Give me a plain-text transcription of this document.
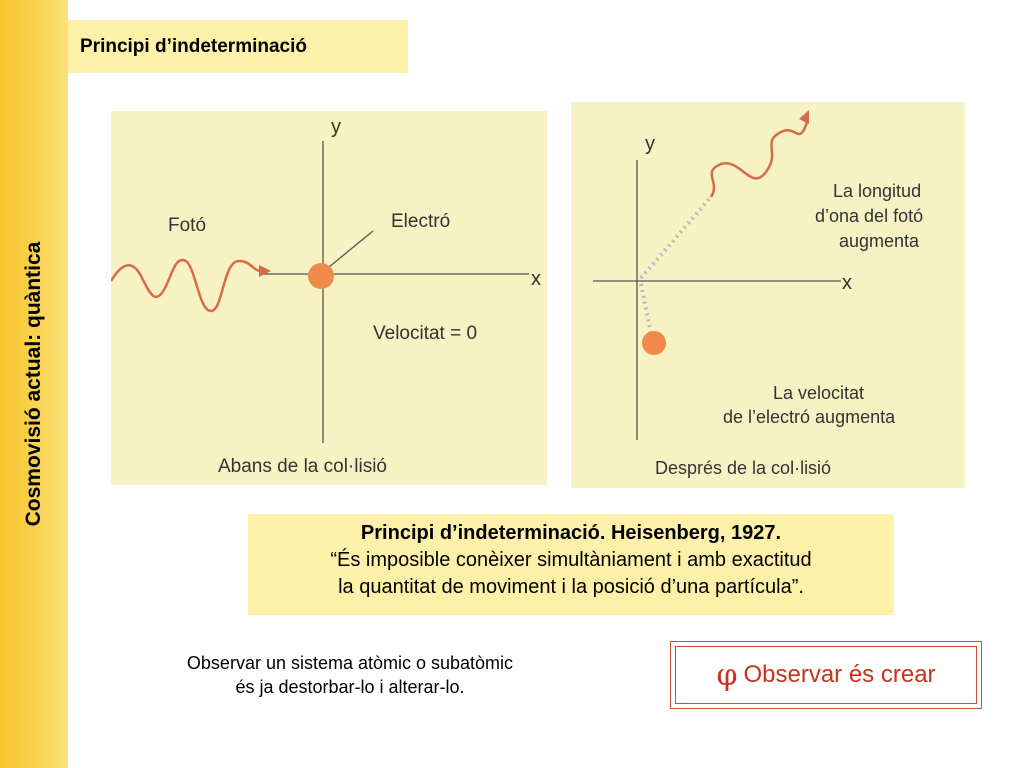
Cosmovisió actual: quàntica
Principi d’indeterminació
y
x
Fotó	Electró
Velocitat = 0
Abans de la col·lisió
y
x
La longitud
d’ona del fotó
augmenta
La velocitat
de l’electró augmenta
Després de la col·lisió
Principi d’indeterminació. Heisenberg, 1927.
“És imposible conèixer simultàniament i amb exactitud
la quantitat de moviment i la posició d’una partícula”.
Observar un sistema atòmic o subatòmic
és ja destorbar-lo i alterar-lo.	φ Observar és crear
